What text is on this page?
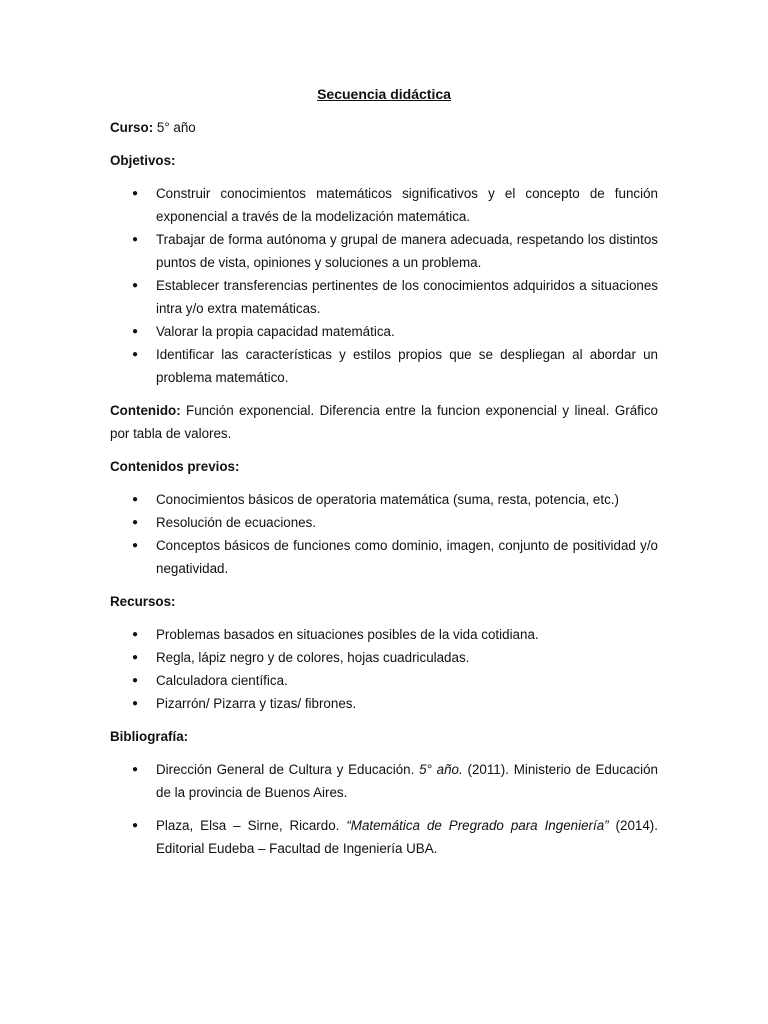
Secuencia didáctica

Curso: 5° año

Objetivos:

● Construir conocimientos matemáticos significativos y el concepto de función exponencial a través de la modelización matemática.
● Trabajar de forma autónoma y grupal de manera adecuada, respetando los distintos puntos de vista, opiniones y soluciones a un problema.
● Establecer transferencias pertinentes de los conocimientos adquiridos a situaciones intra y/o extra matemáticas.
● Valorar la propia capacidad matemática.
● Identificar las características y estilos propios que se despliegan al abordar un problema matemático.

Contenido: Función exponencial. Diferencia entre la funcion exponencial y lineal. Gráfico por tabla de valores.

Contenidos previos:

● Conocimientos básicos de operatoria matemática (suma, resta, potencia, etc.)
● Resolución de ecuaciones.
● Conceptos básicos de funciones como dominio, imagen, conjunto de positividad y/o negatividad.

Recursos:

● Problemas basados en situaciones posibles de la vida cotidiana.
● Regla, lápiz negro y de colores, hojas cuadriculadas.
● Calculadora científica.
● Pizarrón/ Pizarra y tizas/ fibrones.

Bibliografía:

● Dirección General de Cultura y Educación. 5° año. (2011). Ministerio de Educación de la provincia de Buenos Aires.
● Plaza, Elsa – Sirne, Ricardo. “Matemática de Pregrado para Ingeniería” (2014). Editorial Eudeba – Facultad de Ingeniería UBA.
